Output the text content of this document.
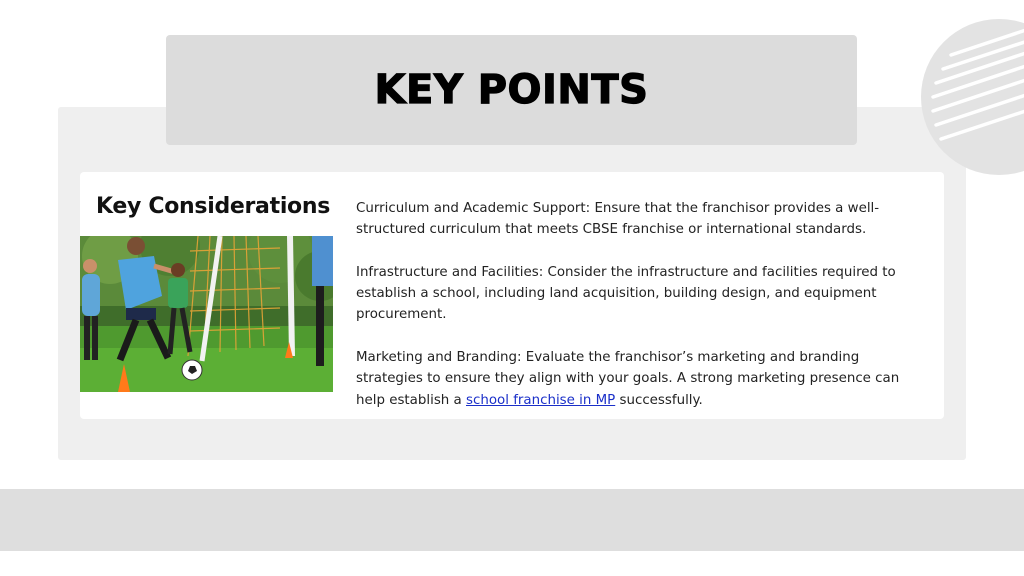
KEY POINTS
Key Considerations Curriculum and Academic Support: Ensure that the franchisor provides a well-structured curriculum that meets CBSE franchise or international standards.

Infrastructure and Facilities: Consider the infrastructure and facilities required to establish a school, including land acquisition, building design, and equipment procurement.

Marketing and Branding: Evaluate the franchisor’s marketing and branding strategies to ensure they align with your goals. A strong marketing presence can help establish a school franchise in MP successfully.
